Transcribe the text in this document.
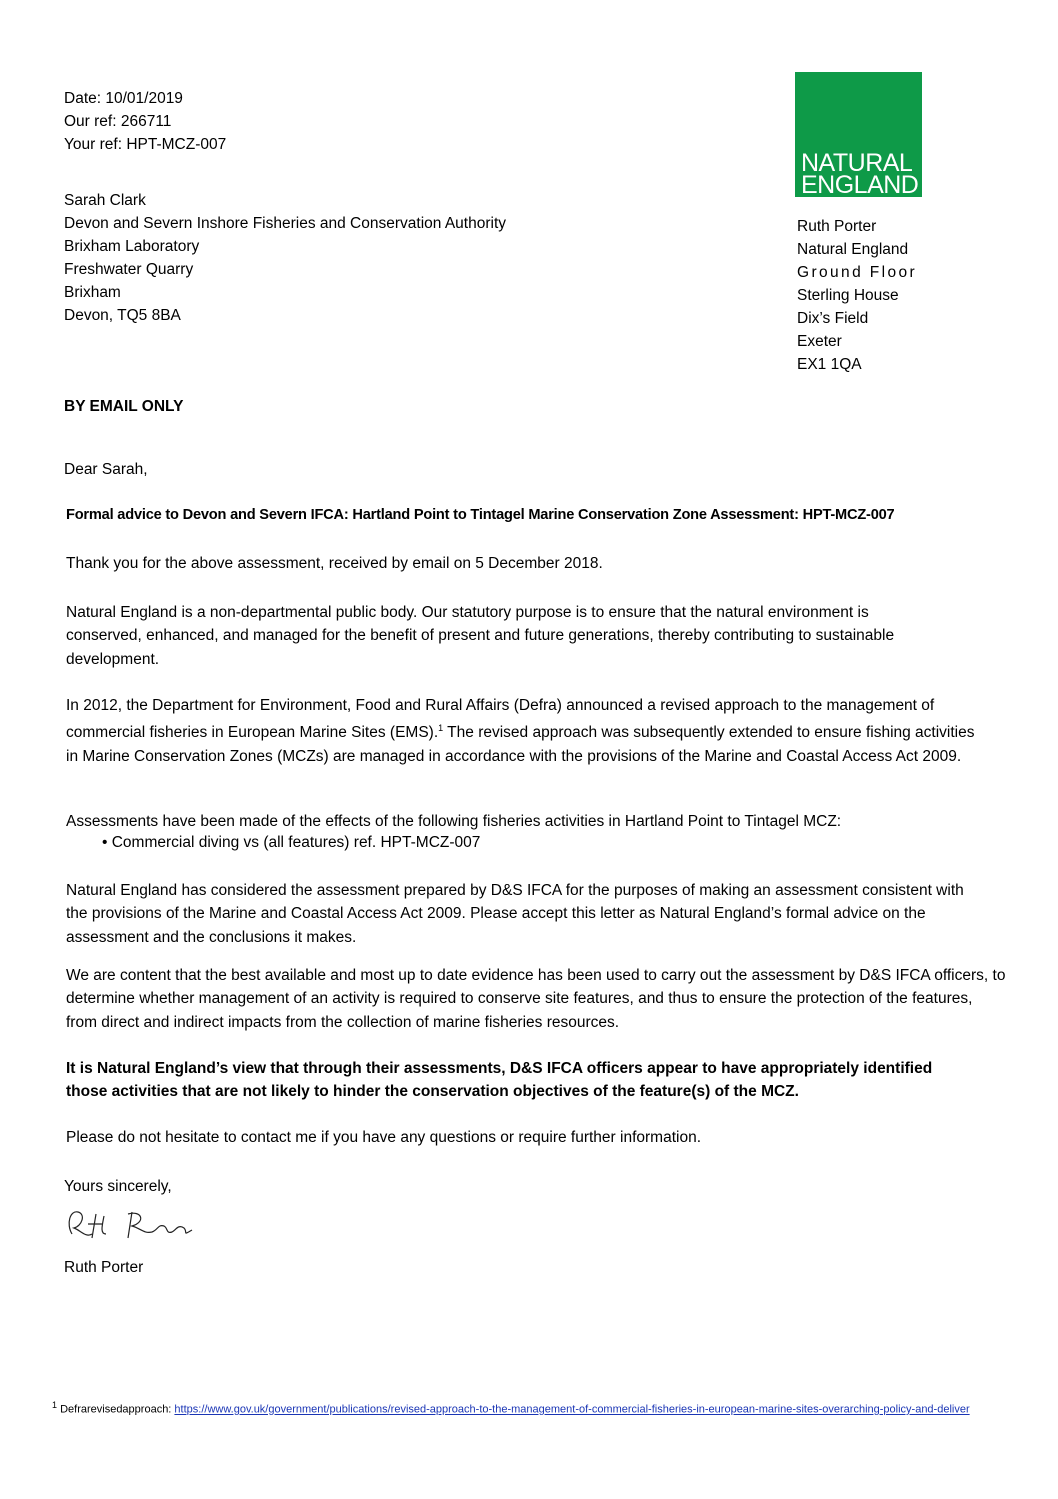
Date: 10/01/2019
Our ref: 266711
Your ref: HPT-MCZ-007
Sarah Clark
Devon and Severn Inshore Fisheries and Conservation Authority
Brixham Laboratory
Freshwater Quarry
Brixham
Devon, TQ5 8BA
NATURAL
ENGLAND
Ruth Porter
Natural England
Ground Floor
Sterling House
Dix’s Field
Exeter
EX1 1QA
BY EMAIL ONLY
Dear Sarah,
Formal advice to Devon and Severn IFCA: Hartland Point to Tintagel Marine Conservation Zone Assessment: HPT-MCZ-007
Thank you for the above assessment, received by email on 5 December 2018.
Natural England is a non-departmental public body. Our statutory purpose is to ensure that the natural environment is conserved, enhanced, and managed for the benefit of present and future generations, thereby contributing to sustainable development.
In 2012, the Department for Environment, Food and Rural Affairs (Defra) announced a revised approach to the management of commercial fisheries in European Marine Sites (EMS).$^1$ The revised approach was subsequently extended to ensure fishing activities in Marine Conservation Zones (MCZs) are managed in accordance with the provisions of the Marine and Coastal Access Act 2009.
Assessments have been made of the effects of the following fisheries activities in Hartland Point to Tintagel MCZ:
• Commercial diving vs (all features) ref. HPT-MCZ-007
Natural England has considered the assessment prepared by D&S IFCA for the purposes of making an assessment consistent with the provisions of the Marine and Coastal Access Act 2009. Please accept this letter as Natural England’s formal advice on the assessment and the conclusions it makes.
We are content that the best available and most up to date evidence has been used to carry out the assessment by D&S IFCA officers, to determine whether management of an activity is required to conserve site features, and thus to ensure the protection of the features, from direct and indirect impacts from the collection of marine fisheries resources.
It is Natural England’s view that through their assessments, D&S IFCA officers appear to have appropriately identified those activities that are not likely to hinder the conservation objectives of the feature(s) of the MCZ.
Please do not hesitate to contact me if you have any questions or require further information.
Yours sincerely,
Ruth Porter
$^1$ Defrarevisedapproach: https://www.gov.uk/government/publications/revised-approach-to-the-management-of-commercial-fisheries-in-european-marine-sites-overarching-policy-and-deliver
